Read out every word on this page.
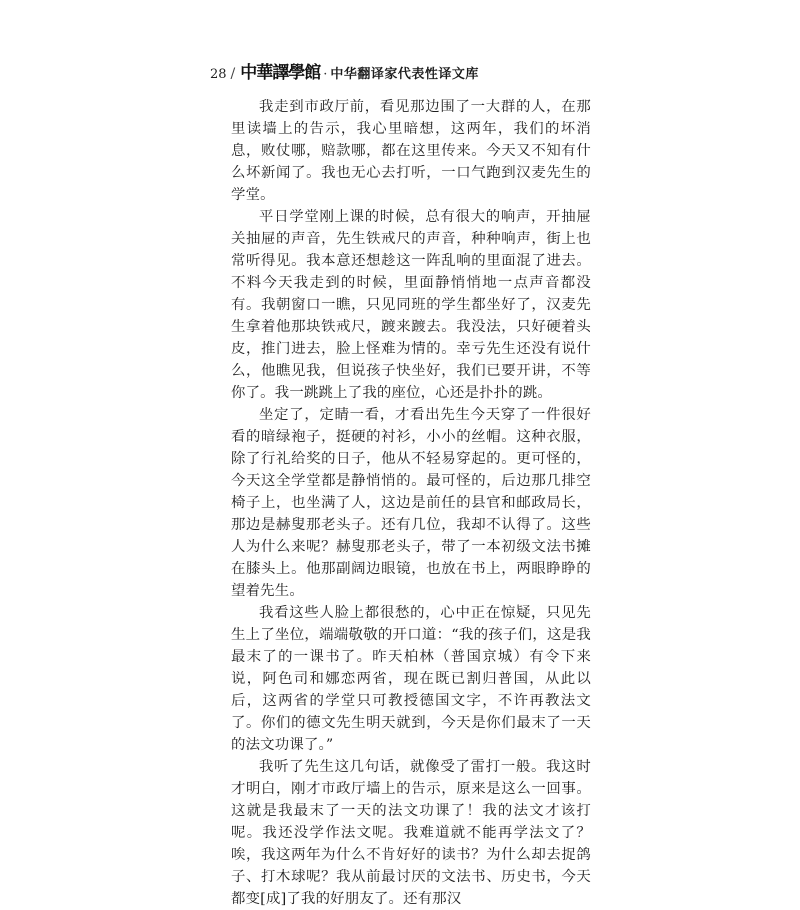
28 / 中華譯學館 · 中华翻译家代表性译文库

我走到市政厅前，看见那边围了一大群的人，在那里读墙上的告示，我心里暗想，这两年，我们的坏消息，败仗哪，赔款哪，都在这里传来。今天又不知有什么坏新闻了。我也无心去打听，一口气跑到汉麦先生的学堂。

平日学堂刚上课的时候，总有很大的响声，开抽屉关抽屉的声音，先生铁戒尺的声音，种种响声，街上也常听得见。我本意还想趁这一阵乱响的里面混了进去。不料今天我走到的时候，里面静悄悄地一点声音都没有。我朝窗口一瞧，只见同班的学生都坐好了，汉麦先生拿着他那块铁戒尺，踱来踱去。我没法，只好硬着头皮，推门进去，脸上怪难为情的。幸亏先生还没有说什么，他瞧见我，但说孩子快坐好，我们已要开讲，不等你了。我一跳跳上了我的座位，心还是扑扑的跳。

坐定了，定睛一看，才看出先生今天穿了一件很好看的暗绿袍子，挺硬的衬衫，小小的丝帽。这种衣服，除了行礼给奖的日子，他从不轻易穿起的。更可怪的，今天这全学堂都是静悄悄的。最可怪的，后边那几排空椅子上，也坐满了人，这边是前任的县官和邮政局长，那边是赫叟那老头子。还有几位，我却不认得了。这些人为什么来呢？赫叟那老头子，带了一本初级文法书摊在膝头上。他那副阔边眼镜，也放在书上，两眼睁睁的望着先生。

我看这些人脸上都很愁的，心中正在惊疑，只见先生上了坐位，端端敬敬的开口道：“我的孩子们，这是我最末了的一课书了。昨天柏林（普国京城）有令下来说，阿色司和娜恋两省，现在既已割归普国，从此以后，这两省的学堂只可教授德国文字，不许再教法文了。你们的德文先生明天就到，今天是你们最末了一天的法文功课了。”

我听了先生这几句话，就像受了雷打一般。我这时才明白，刚才市政厅墙上的告示，原来是这么一回事。这就是我最末了一天的法文功课了！我的法文才该打呢。我还没学作法文呢。我难道就不能再学法文了？唉，我这两年为什么不肯好好的读书？为什么却去捉鸽子、打木球呢？我从前最讨厌的文法书、历史书，今天都变[成]了我的好朋友了。还有那汉
